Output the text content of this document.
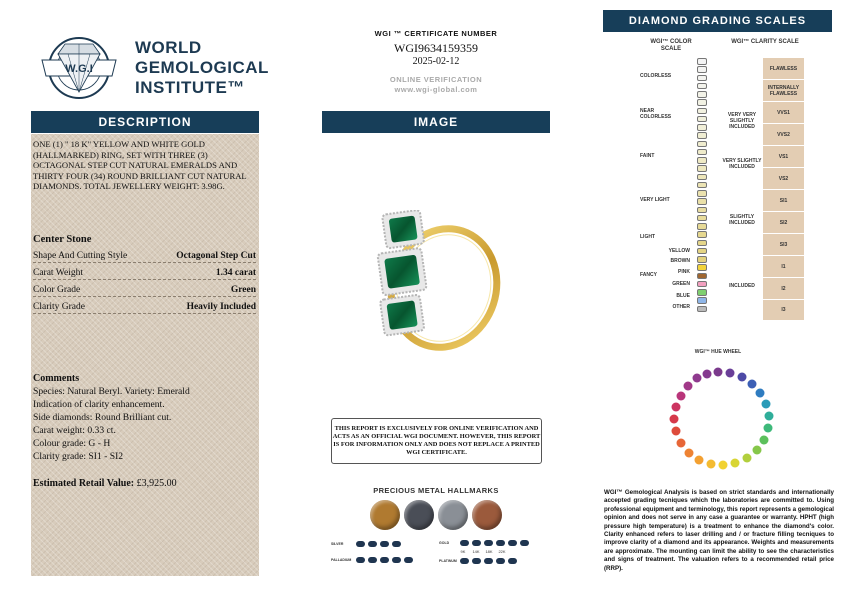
W.G.I
WORLD
GEMOLOGICAL
INSTITUTE™
DESCRIPTION
ONE (1) " 18 K" YELLOW AND WHITE GOLD (HALLMARKED) RING, SET WITH THREE (3) OCTAGONAL STEP CUT NATURAL EMERALDS AND THIRTY FOUR (34) ROUND BRILLIANT CUT NATURAL DIAMONDS. TOTAL JEWELLERY WEIGHT: 3.98G.
Center Stone
Shape And Cutting Style	Octagonal Step Cut
Carat Weight	1.34 carat
Color Grade	Green
Clarity Grade	Heavily Included
Comments
Species: Natural Beryl. Variety: Emerald
Indication of clarity enhancement.
Side diamonds: Round Brilliant cut.
Carat weight: 0.33 ct.
Colour grade: G - H
Clarity grade: SI1 - SI2
Estimated Retail Value: £3,925.00
WGI ™ CERTIFICATE NUMBER
WGI9634159359
2025-02-12
ONLINE VERIFICATION
www.wgi-global.com
IMAGE
THIS REPORT IS EXCLUSIVELY FOR ONLINE VERIFICATION AND ACTS AS AN OFFICIAL WGI DOCUMENT. HOWEVER, THIS REPORT IS FOR INFORMATION ONLY AND DOES NOT REPLACE A PRINTED WGI CERTIFICATE.
PRECIOUS METAL HALLMARKS
SILVER
PALLADIUM
GOLD
9K	14K	18K	22K
PLATINUM
DIAMOND GRADING SCALES
WGI™ COLOR SCALE
WGI™ CLARITY SCALE
COLORLESS
NEAR COLORLESS
FAINT
VERY LIGHT
LIGHT
FANCY
YELLOW
BROWN
PINK
GREEN
BLUE
OTHER
VERY VERY SLIGHTLY INCLUDED
VERY SLIGHTLY INCLUDED
SLIGHTLY INCLUDED
INCLUDED
FLAWLESS
INTERNALLY FLAWLESS
VVS1
VVS2
VS1
VS2
SI1
SI2
SI3
I1
I2
I3
WGI™ HUE WHEEL
WGI™ Gemological Analysis is based on strict standards and internationally accepted grading tecniques which the laboratories are committed to. Using professional equipment and terminology, this report represents a gemological opinion and does not serve in any case a guarantee or warranty. HPHT (high pressure high temperature) is a treatment to enhance the diamond's color. Clarity enhanced refers to laser drilling and / or fracture filling tecniques to improve clarity of a diamond and its appearance. Weights and measurements are approximate. The mounting can limit the ability to see the characteristics and signs of treatment. The valuation refers to a recommended retail price (RRP).
